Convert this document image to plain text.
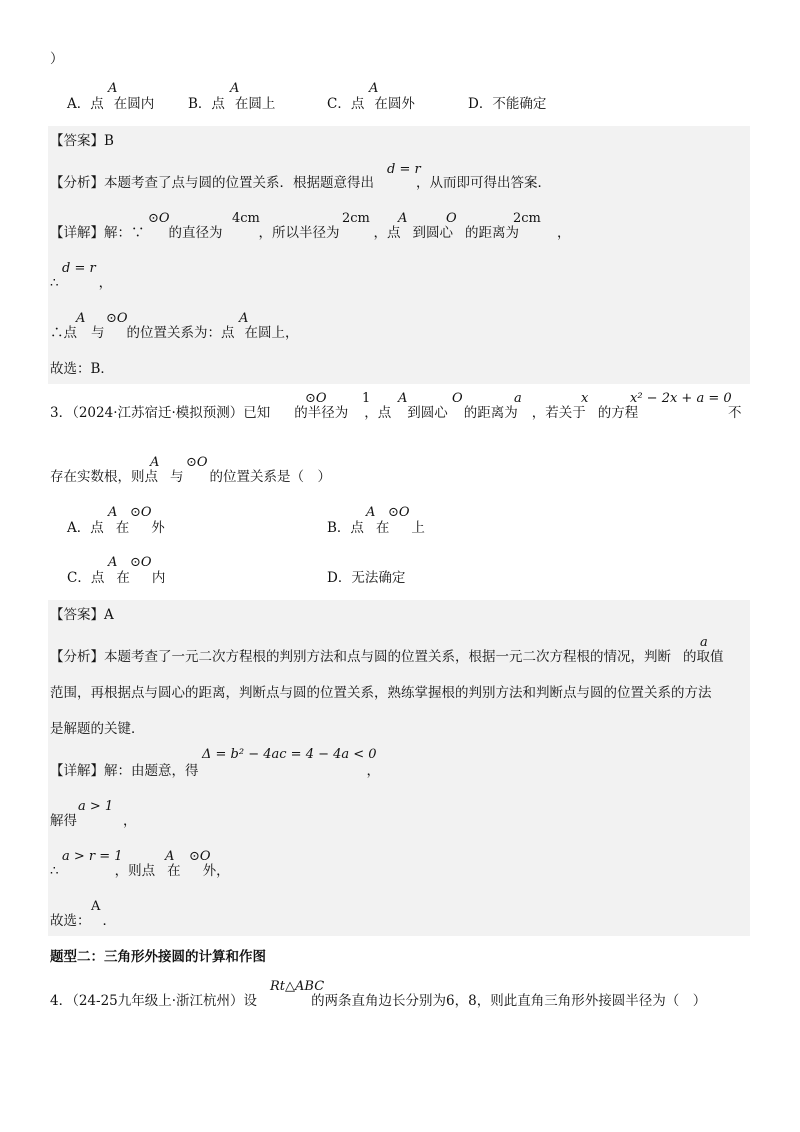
）
A
A．点 在圆内
A
B．点 在圆上
A
C．点 在圆外	D．不能确定
【答案】B
d = r
【分析】本题考查了点与圆的位置关系．根据题意得出	，从而即可得出答案．
⊙O	4cm	2cm A	O	2cm
【详解】解：∵ 的直径为	，所以半径为	，点 到圆心 的距离为	，
d = r
∴	，
A ⊙O	A
∴点 与 的位置关系为：点 在圆上，
故选：B．
⊙O	1 A	O	a	x	x² − 2x + a = 0
3．（2024·江苏宿迁·模拟预测）已知 的半径为 ，点 到圆心 的距离为 ，若关于 的方程	不
A ⊙O
存在实数根，则点 与 的位置关系是（　）
A ⊙O
A．点 在 外
A ⊙O
B．点 在 上
A ⊙O
C．点 在 内	D．无法确定
【答案】A
a
【分析】本题考查了一元二次方程根的判别方法和点与圆的位置关系，根据一元二次方程根的情况，判断 的取值
范围，再根据点与圆心的距离，判断点与圆的位置关系，熟练掌握根的判别方法和判断点与圆的位置关系的方法
是解题的关键．
Δ = b² − 4ac = 4 − 4a < 0
【详解】解：由题意，得	，
a > 1
解得	，
a > r = 1	A ⊙O
∴	，则点 在 外，
A
故选： ．
题型二：三角形外接圆的计算和作图
Rt△ABC
4．（24-25九年级上·浙江杭州）设	的两条直角边长分别为6，8，则此直角三角形外接圆半径为（　）
